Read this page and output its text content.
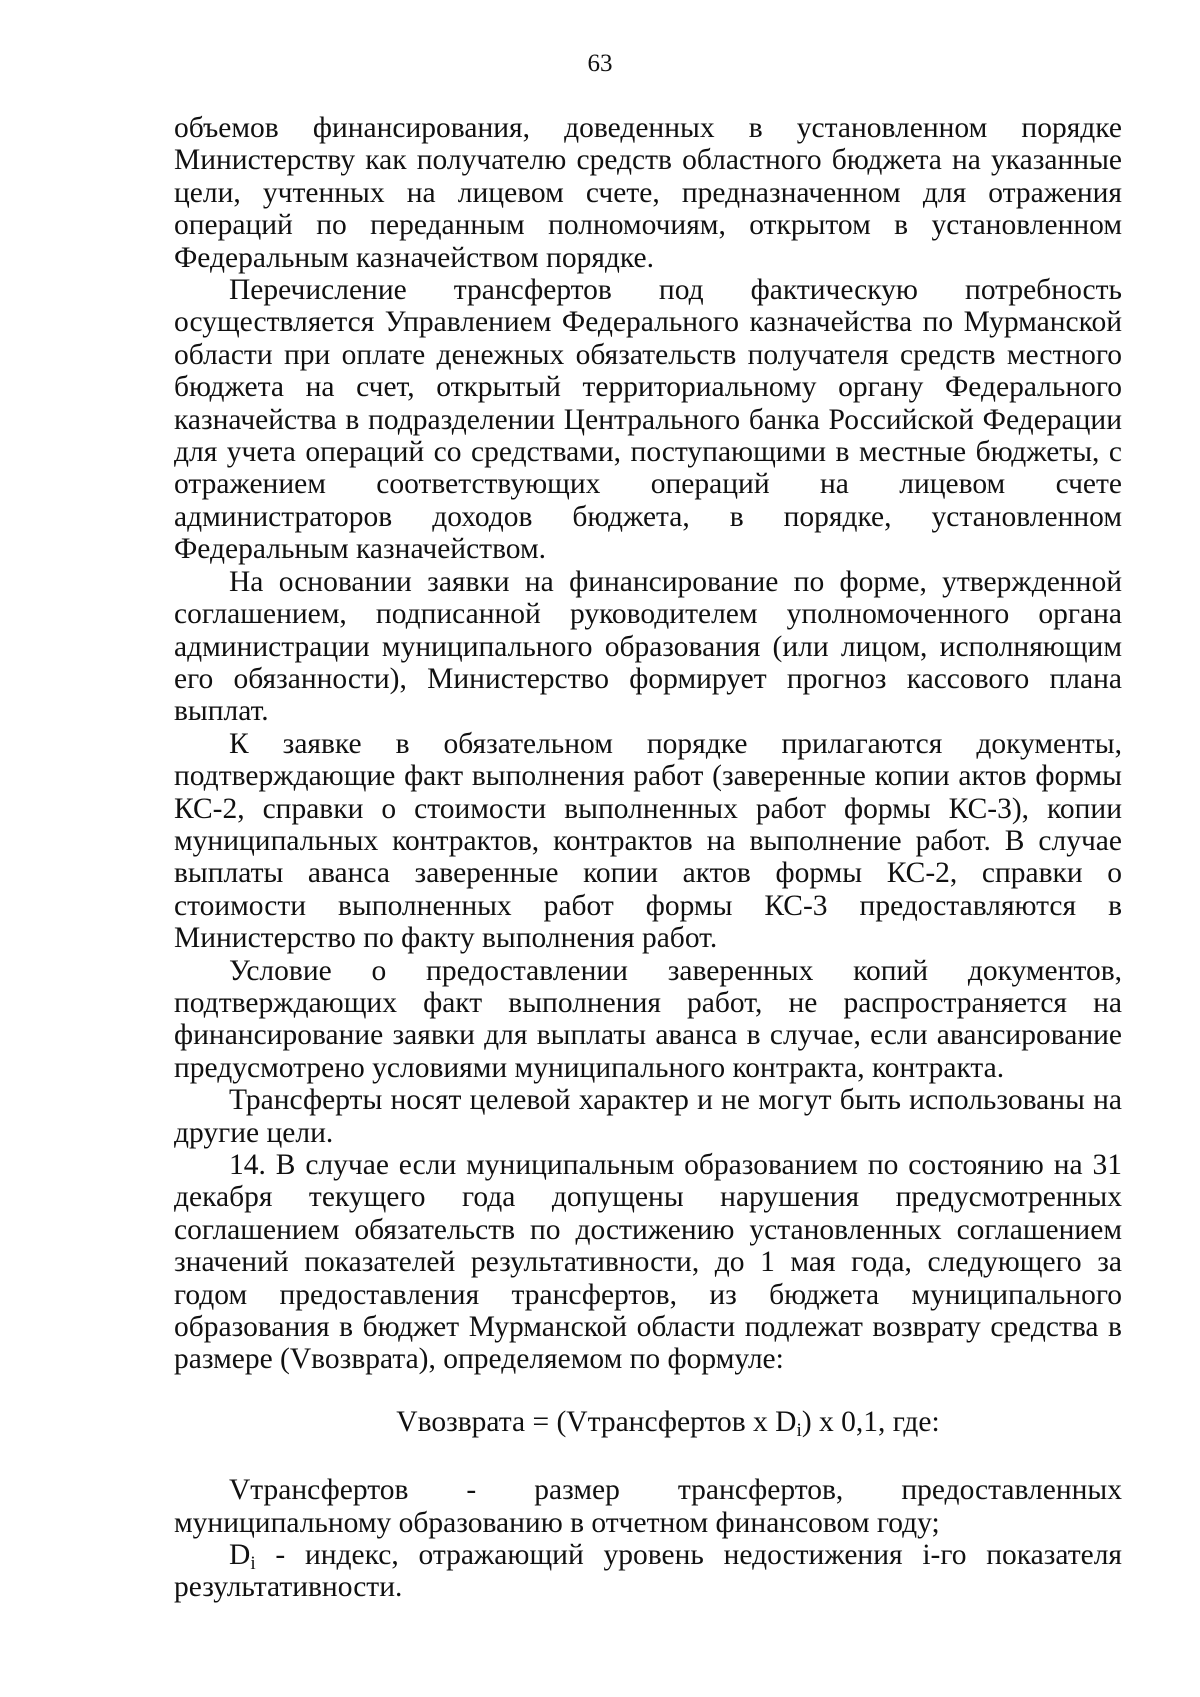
63

объемов финансирования, доведенных в установленном порядке Министерству как получателю средств областного бюджета на указанные цели, учтенных на лицевом счете, предназначенном для отражения операций по переданным полномочиям, открытом в установленном Федеральным казначейством порядке.

Перечисление трансфертов под фактическую потребность осуществляется Управлением Федерального казначейства по Мурманской области при оплате денежных обязательств получателя средств местного бюджета на счет, открытый территориальному органу Федерального казначейства в подразделении Центрального банка Российской Федерации для учета операций со средствами, поступающими в местные бюджеты, с отражением соответствующих операций на лицевом счете администраторов доходов бюджета, в порядке, установленном Федеральным казначейством.

На основании заявки на финансирование по форме, утвержденной соглашением, подписанной руководителем уполномоченного органа администрации муниципального образования (или лицом, исполняющим его обязанности), Министерство формирует прогноз кассового плана выплат.

К заявке в обязательном порядке прилагаются документы, подтверждающие факт выполнения работ (заверенные копии актов формы КС-2, справки о стоимости выполненных работ формы КС-3), копии муниципальных контрактов, контрактов на выполнение работ. В случае выплаты аванса заверенные копии актов формы КС-2, справки о стоимости выполненных работ формы КС-3 предоставляются в Министерство по факту выполнения работ.

Условие о предоставлении заверенных копий документов, подтверждающих факт выполнения работ, не распространяется на финансирование заявки для выплаты аванса в случае, если авансирование предусмотрено условиями муниципального контракта, контракта.

Трансферты носят целевой характер и не могут быть использованы на другие цели.

14. В случае если муниципальным образованием по состоянию на 31 декабря текущего года допущены нарушения предусмотренных соглашением обязательств по достижению установленных соглашением значений показателей результативности, до 1 мая года, следующего за годом предоставления трансфертов, из бюджета муниципального образования в бюджет Мурманской области подлежат возврату средства в размере (Vвозврата), определяемом по формуле:

Vвозврата = (Vтрансфертов x $D_i$) x 0,1, где:

Vтрансфертов - размер трансфертов, предоставленных муниципальному образованию в отчетном финансовом году;

$D_i$ - индекс, отражающий уровень недостижения i-го показателя результативности.
